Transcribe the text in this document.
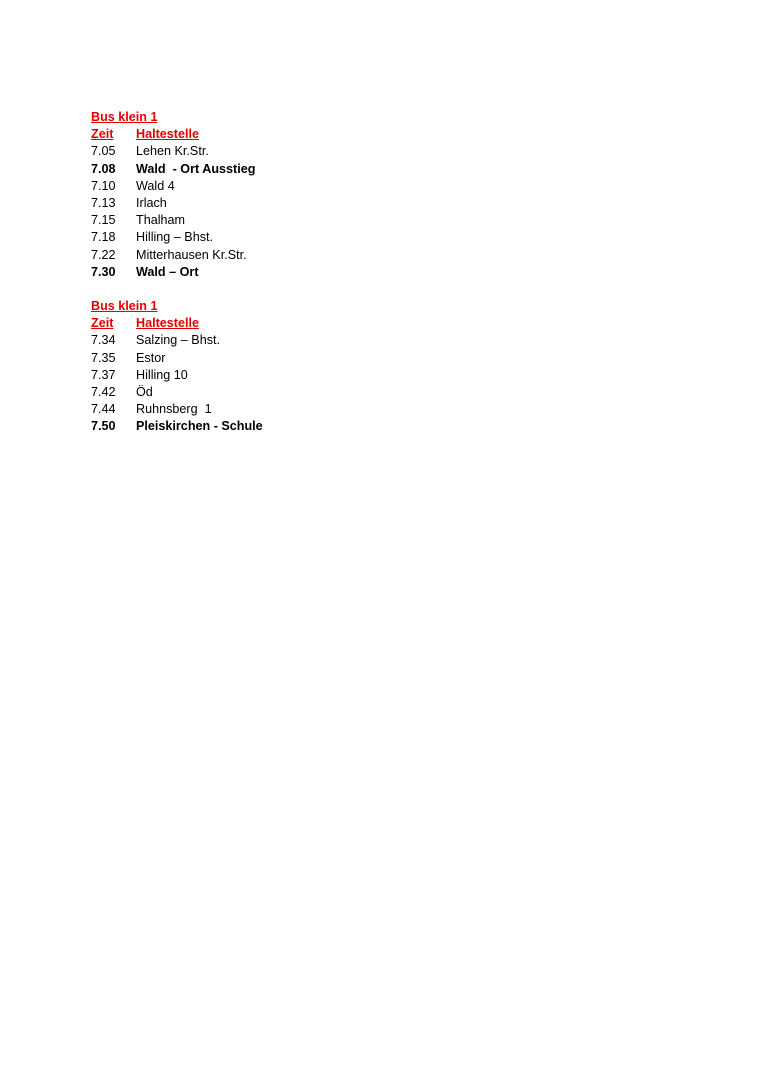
Bus klein 1
Zeit	Haltestelle
7.05	Lehen Kr.Str.
7.08	Wald  - Ort Ausstieg
7.10	Wald 4
7.13	Irlach
7.15	Thalham
7.18	Hilling – Bhst.
7.22	Mitterhausen Kr.Str.
7.30	Wald – Ort
Bus klein 1
Zeit	Haltestelle
7.34	Salzing – Bhst.
7.35	Estor
7.37	Hilling 10
7.42	Öd
7.44	Ruhnsberg  1
7.50	Pleiskirchen - Schule
